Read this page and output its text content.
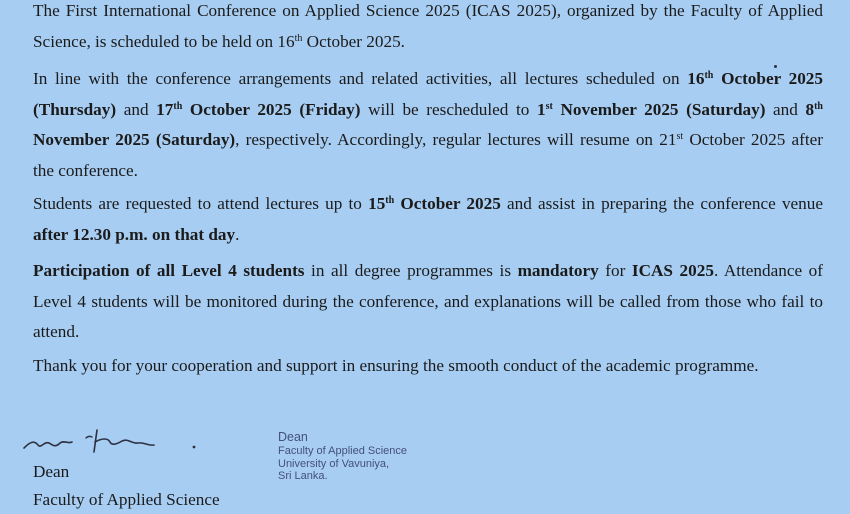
The First International Conference on Applied Science 2025 (ICAS 2025), organized by the Faculty of Applied Science, is scheduled to be held on 16th October 2025.

In line with the conference arrangements and related activities, all lectures scheduled on 16th October 2025 (Thursday) and 17th October 2025 (Friday) will be rescheduled to 1st November 2025 (Saturday) and 8th November 2025 (Saturday), respectively. Accordingly, regular lectures will resume on 21st October 2025 after the conference.

Students are requested to attend lectures up to 15th October 2025 and assist in preparing the conference venue after 12.30 p.m. on that day.

Participation of all Level 4 students in all degree programmes is mandatory for ICAS 2025. Attendance of Level 4 students will be monitored during the conference, and explanations will be called from those who fail to attend.

Thank you for your cooperation and support in ensuring the smooth conduct of the academic programme.

Dean
Faculty of Applied Science
Dean
Faculty of Applied Science
University of Vavuniya,
Sri Lanka.
